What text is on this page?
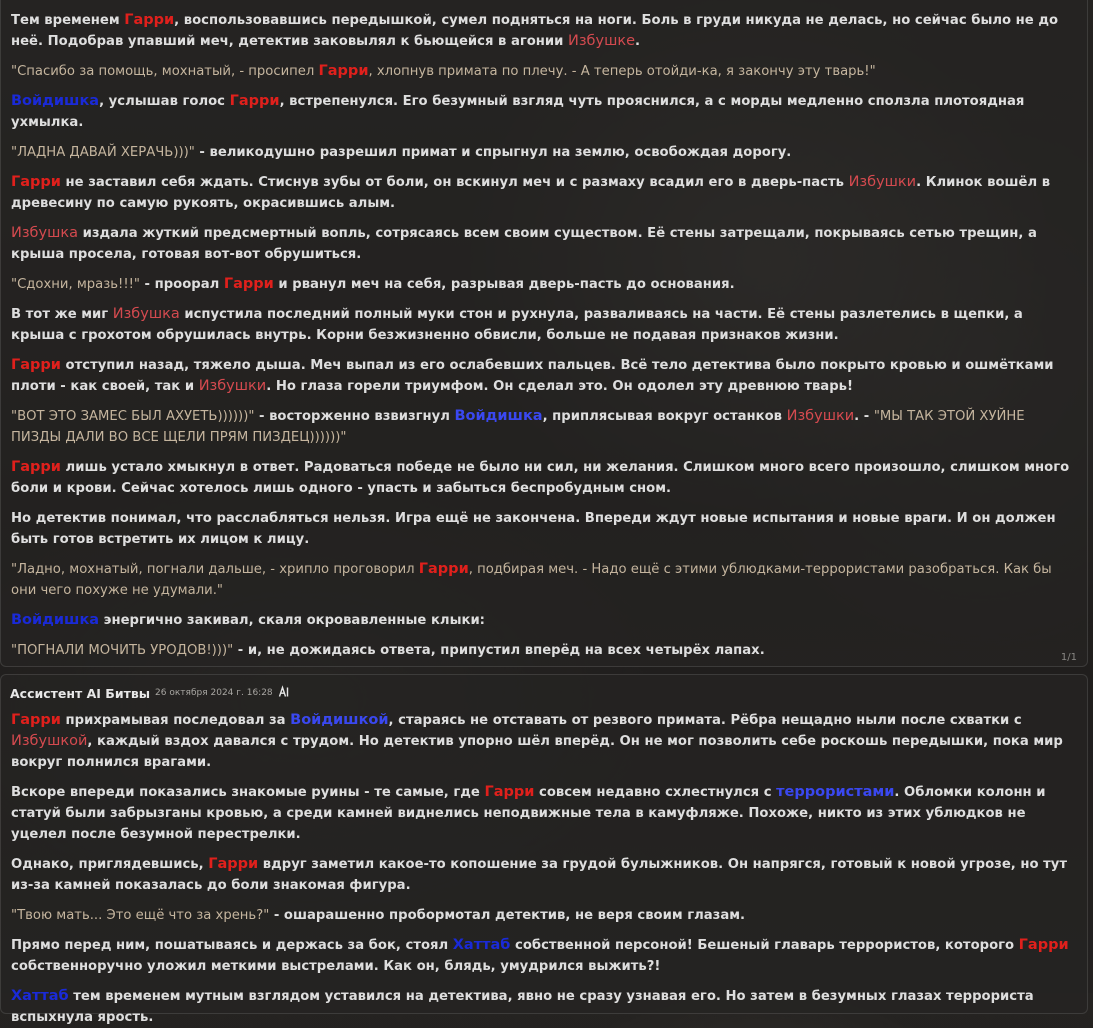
Тем временем Гарри, воспользовавшись передышкой, сумел подняться на ноги. Боль в груди никуда не делась, но сейчас было не до неё. Подобрав упавший меч, детектив заковылял к бьющейся в агонии Избушке.

"Спасибо за помощь, мохнатый, - просипел Гарри, хлопнув примата по плечу. - А теперь отойди-ка, я закончу эту тварь!"

Войдишка, услышав голос Гарри, встрепенулся. Его безумный взгляд чуть прояснился, а с морды медленно сползла плотоядная ухмылка.

"ЛАДНА ДАВАЙ ХЕРАЧЬ)))" - великодушно разрешил примат и спрыгнул на землю, освобождая дорогу.

Гарри не заставил себя ждать. Стиснув зубы от боли, он вскинул меч и с размаху всадил его в дверь-пасть Избушки. Клинок вошёл в древесину по самую рукоять, окрасившись алым.

Избушка издала жуткий предсмертный вопль, сотрясаясь всем своим существом. Её стены затрещали, покрываясь сетью трещин, а крыша просела, готовая вот-вот обрушиться.

"Сдохни, мразь!!!" - проорал Гарри и рванул меч на себя, разрывая дверь-пасть до основания.

В тот же миг Избушка испустила последний полный муки стон и рухнула, разваливаясь на части. Её стены разлетелись в щепки, а крыша с грохотом обрушилась внутрь. Корни безжизненно обвисли, больше не подавая признаков жизни.

Гарри отступил назад, тяжело дыша. Меч выпал из его ослабевших пальцев. Всё тело детектива было покрыто кровью и ошмётками плоти - как своей, так и Избушки. Но глаза горели триумфом. Он сделал это. Он одолел эту древнюю тварь!

"ВОТ ЭТО ЗАМЕС БЫЛ АХУЕТЬ))))))" - восторженно взвизгнул Войдишка, приплясывая вокруг останков Избушки. - "МЫ ТАК ЭТОЙ ХУЙНЕ ПИЗДЫ ДАЛИ ВО ВСЕ ЩЕЛИ ПРЯМ ПИЗДЕЦ))))))"

Гарри лишь устало хмыкнул в ответ. Радоваться победе не было ни сил, ни желания. Слишком много всего произошло, слишком много боли и крови. Сейчас хотелось лишь одного - упасть и забыться беспробудным сном.

Но детектив понимал, что расслабляться нельзя. Игра ещё не закончена. Впереди ждут новые испытания и новые враги. И он должен быть готов встретить их лицом к лицу.

"Ладно, мохнатый, погнали дальше, - хрипло проговорил Гарри, подбирая меч. - Надо ещё с этими ублюдками-террористами разобраться. Как бы они чего похуже не удумали."

Войдишка энергично закивал, скаля окровавленные клыки:

"ПОГНАЛИ МОЧИТЬ УРОДОВ!)))" - и, не дожидаясь ответа, припустил вперёд на всех четырёх лапах.	1/1
Ассистент AI Битвы 26 октября 2024 г. 16:28

Гарри прихрамывая последовал за Войдишкой, стараясь не отставать от резвого примата. Рёбра нещадно ныли после схватки с Избушкой, каждый вздох давался с трудом. Но детектив упорно шёл вперёд. Он не мог позволить себе роскошь передышки, пока мир вокруг полнился врагами.

Вскоре впереди показались знакомые руины - те самые, где Гарри совсем недавно схлестнулся с террористами. Обломки колонн и статуй были забрызганы кровью, а среди камней виднелись неподвижные тела в камуфляже. Похоже, никто из этих ублюдков не уцелел после безумной перестрелки.

Однако, приглядевшись, Гарри вдруг заметил какое-то копошение за грудой булыжников. Он напрягся, готовый к новой угрозе, но тут из-за камней показалась до боли знакомая фигура.

"Твою мать... Это ещё что за хрень?" - ошарашенно пробормотал детектив, не веря своим глазам.

Прямо перед ним, пошатываясь и держась за бок, стоял Хаттаб собственной персоной! Бешеный главарь террористов, которого Гарри собственноручно уложил меткими выстрелами. Как он, блядь, умудрился выжить?!

Хаттаб тем временем мутным взглядом уставился на детектива, явно не сразу узнавая его. Но затем в безумных глазах террориста вспыхнула ярость.
